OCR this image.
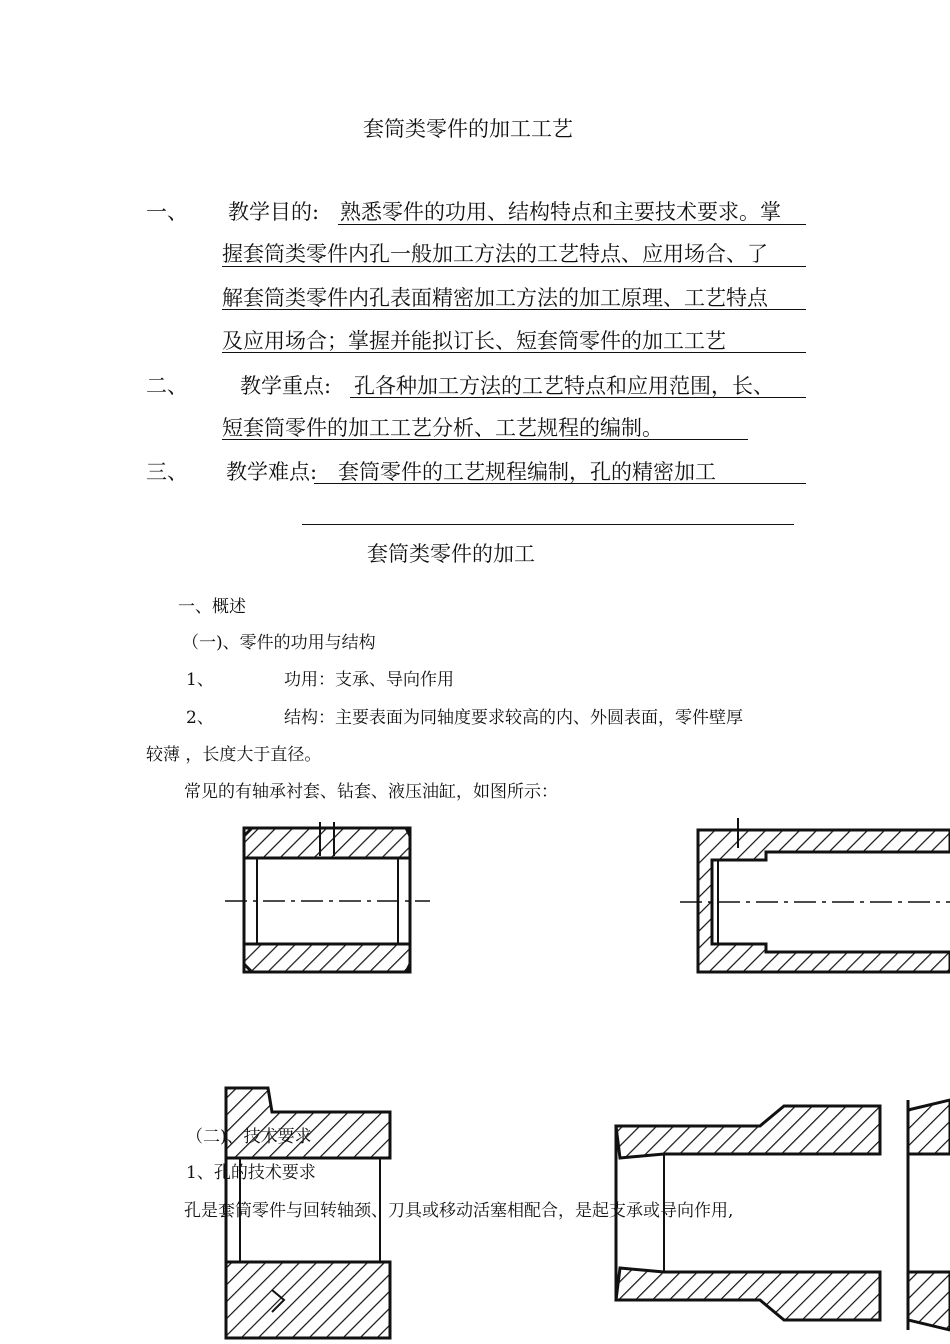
套筒类零件的加工工艺
一、 教学目的: 熟悉零件的功用、结构特点和主要技术要求。掌
握套筒类零件内孔一般加工方法的工艺特点、应用场合、了
解套筒类零件内孔表面精密加工方法的加工原理、工艺特点
及应用场合；掌握并能拟订长、短套筒零件的加工工艺
二、 教学重点: 孔各种加工方法的工艺特点和应用范围，长、
短套筒零件的加工工艺分析、工艺规程的编制。
三、 教学难点: 套筒零件的工艺规程编制，孔的精密加工
套筒类零件的加工
一、概述
（一)、零件的功用与结构
1、	功用：支承、导向作用
2、	结构：主要表面为同轴度要求较高的内、外圆表面，零件壁厚
较薄 ，长度大于直径。
常见的有轴承衬套、钻套、液压油缸，如图所示：
（二)、技术要求
1、孔的技术要求
孔是套筒零件与回转轴颈、刀具或移动活塞相配合，是起支承或导向作用,
